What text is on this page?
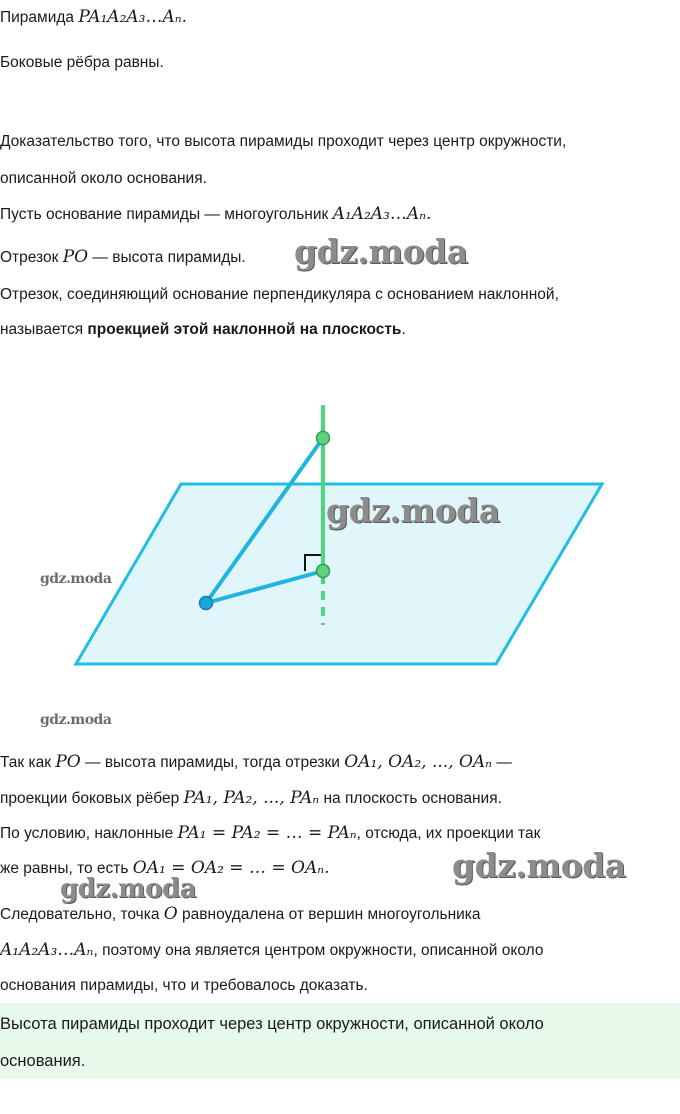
Пирамида PA₁A₂A₃…Aₙ.
Боковые рёбра равны.
Доказательство того, что высота пирамиды проходит через центр окружности,
описанной около основания.
Пусть основание пирамиды — многоугольник A₁A₂A₃…Aₙ.
Отрезок PO — высота пирамиды.
Отрезок, соединяющий основание перпендикуляра с основанием наклонной,
называется проекцией этой наклонной на плоскость.
gdz.moda
gdz.moda
gdz.moda
gdz.moda
gdz.moda
gdz.moda
Так как PO — высота пирамиды, тогда отрезки OA₁, OA₂, ..., OAₙ —
проекции боковых рёбер PA₁, PA₂, ..., PAₙ на плоскость основания.
По условию, наклонные PA₁ = PA₂ = … = PAₙ, отсюда, их проекции так
же равны, то есть OA₁ = OA₂ = … = OAₙ.
Следовательно, точка O равноудалена от вершин многоугольника
A₁A₂A₃…Aₙ, поэтому она является центром окружности, описанной около
основания пирамиды, что и требовалось доказать.
Высота пирамиды проходит через центр окружности, описанной около
основания.
